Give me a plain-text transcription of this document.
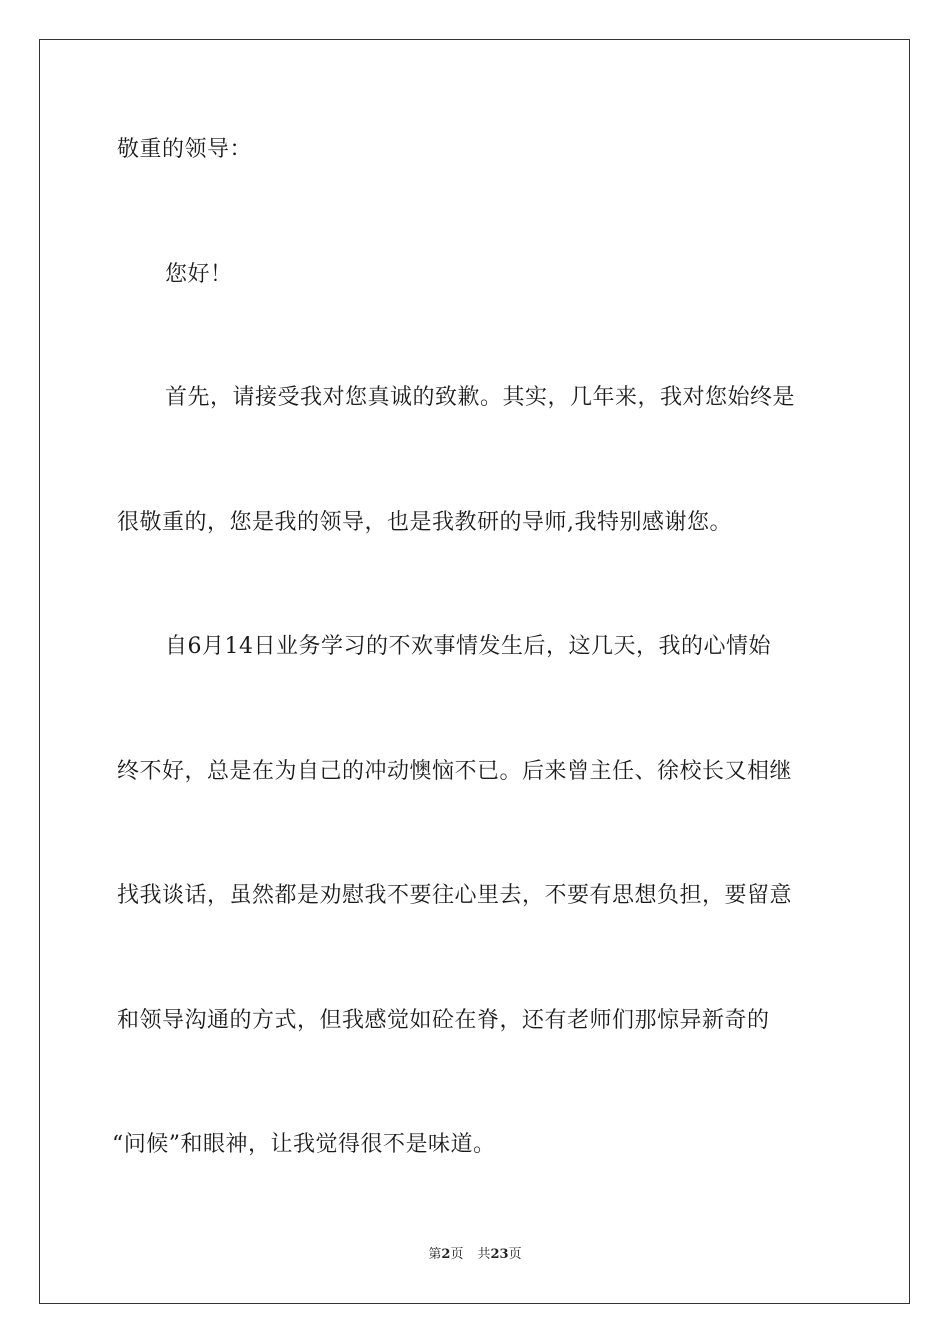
敬重的领导：
您好！
首先，请接受我对您真诚的致歉。其实，几年来，我对您始终是
很敬重的，您是我的领导，也是我教研的导师,我特别感谢您。
自6月14日业务学习的不欢事情发生后，这几天，我的心情始
终不好，总是在为自己的冲动懊恼不已。后来曾主任、徐校长又相继
找我谈话，虽然都是劝慰我不要往心里去，不要有思想负担，要留意
和领导沟通的方式，但我感觉如砼在脊，还有老师们那惊异新奇的
“问候”和眼神，让我觉得很不是味道。
第2页 共23页
